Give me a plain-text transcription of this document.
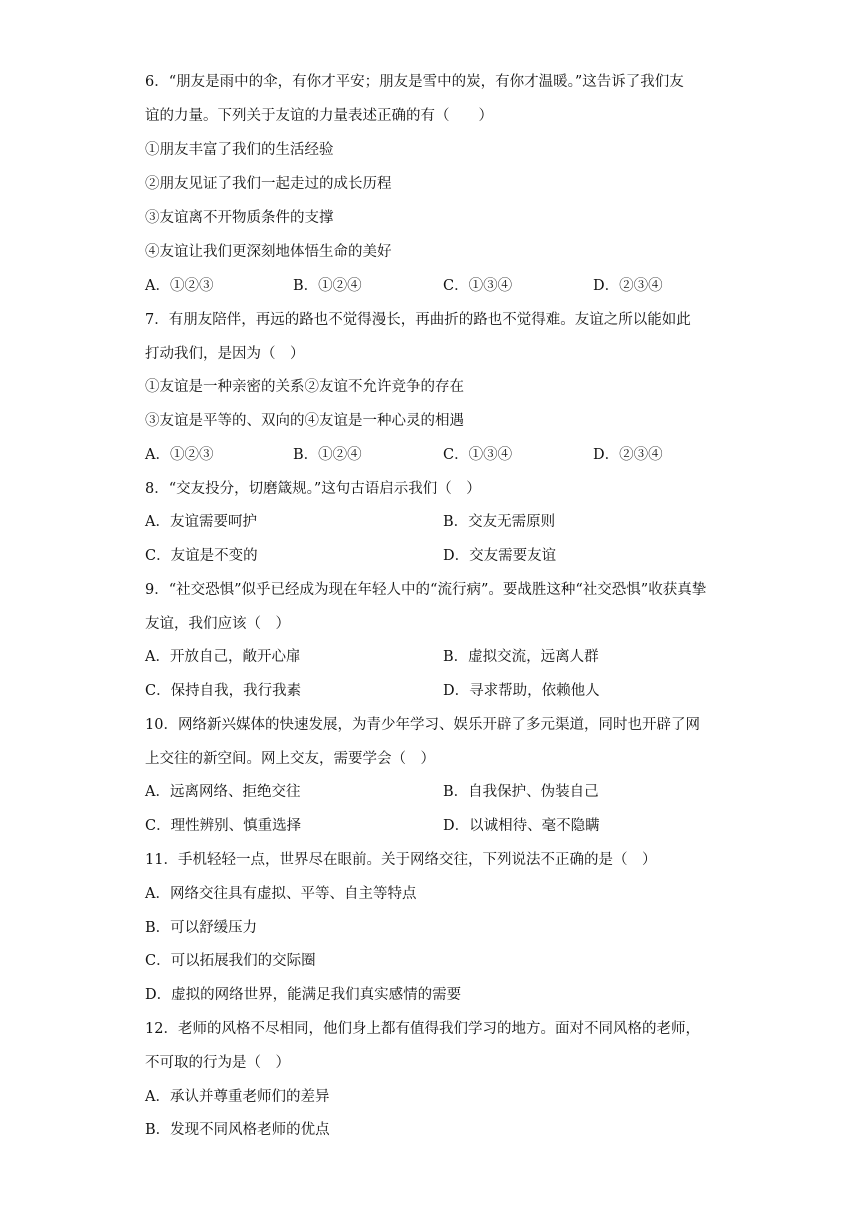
6．“朋友是雨中的伞，有你才平安；朋友是雪中的炭，有你才温暖。”这告诉了我们友
谊的力量。下列关于友谊的力量表述正确的有（　　）
①朋友丰富了我们的生活经验
②朋友见证了我们一起走过的成长历程
③友谊离不开物质条件的支撑
④友谊让我们更深刻地体悟生命的美好
A．①②③	B．①②④	C．①③④	D．②③④
7．有朋友陪伴，再远的路也不觉得漫长，再曲折的路也不觉得难。友谊之所以能如此
打动我们，是因为（　）
①友谊是一种亲密的关系②友谊不允许竞争的存在
③友谊是平等的、双向的④友谊是一种心灵的相遇
A．①②③	B．①②④	C．①③④	D．②③④
8．“交友投分，切磨箴规。”这句古语启示我们（　）
A．友谊需要呵护	B．交友无需原则
C．友谊是不变的	D．交友需要友谊
9．“社交恐惧”似乎已经成为现在年轻人中的“流行病”。要战胜这种“社交恐惧”收获真挚
友谊，我们应该（　）
A．开放自己，敞开心扉	B．虚拟交流，远离人群
C．保持自我，我行我素	D．寻求帮助，依赖他人
10．网络新兴媒体的快速发展，为青少年学习、娱乐开辟了多元渠道，同时也开辟了网
上交往的新空间。网上交友，需要学会（　）
A．远离网络、拒绝交往	B．自我保护、伪装自己
C．理性辨别、慎重选择	D．以诚相待、毫不隐瞒
11．手机轻轻一点，世界尽在眼前。关于网络交往，下列说法不正确的是（　）
A．网络交往具有虚拟、平等、自主等特点
B．可以舒缓压力
C．可以拓展我们的交际圈
D．虚拟的网络世界，能满足我们真实感情的需要
12．老师的风格不尽相同，他们身上都有值得我们学习的地方。面对不同风格的老师，
不可取的行为是（　）
A．承认并尊重老师们的差异
B．发现不同风格老师的优点
